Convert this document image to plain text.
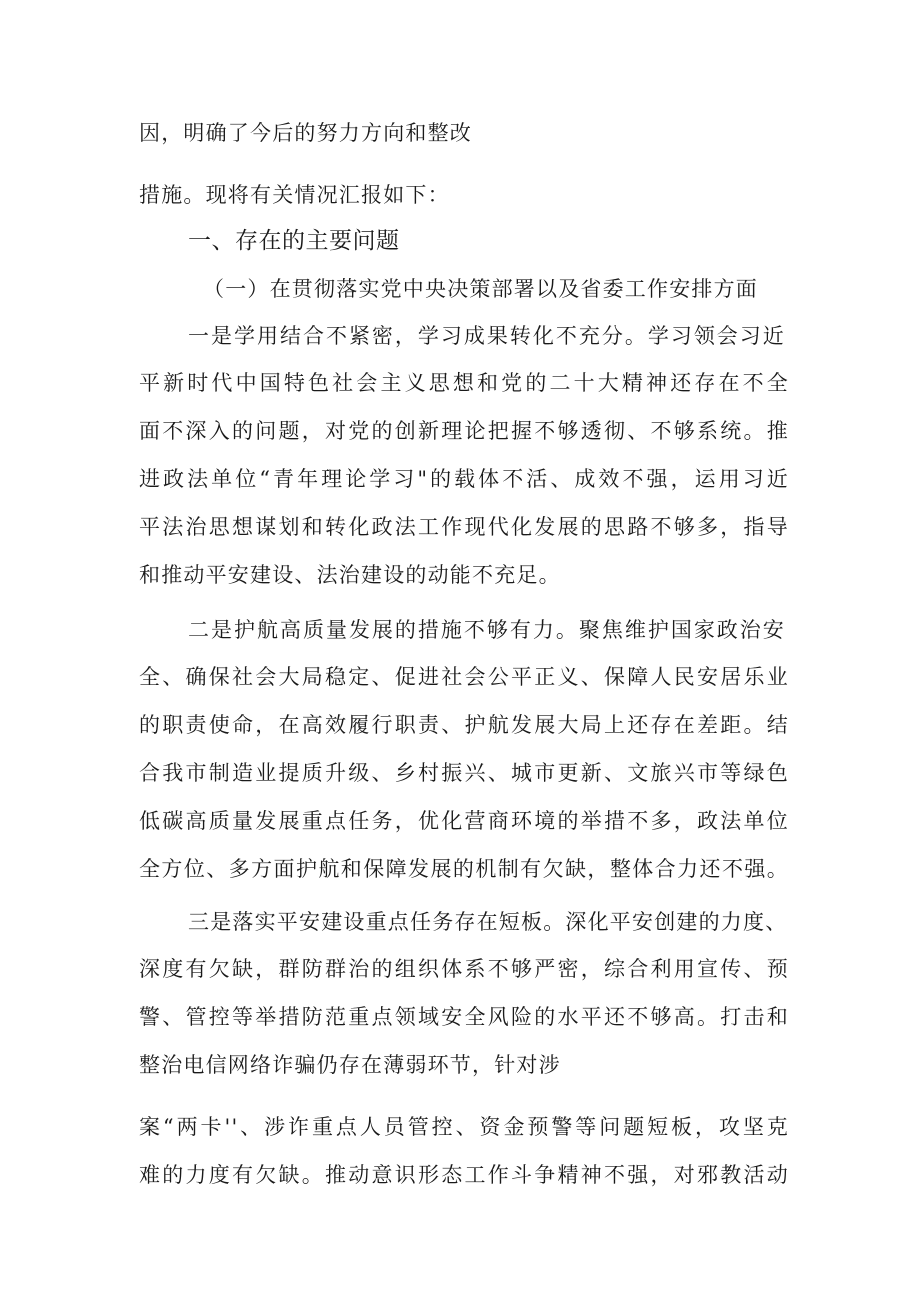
因，明确了今后的努力方向和整改
措施。现将有关情况汇报如下：
一、存在的主要问题
（一）在贯彻落实党中央决策部署以及省委工作安排方面
一是学用结合不紧密，学习成果转化不充分。学习领会习近
平新时代中国特色社会主义思想和党的二十大精神还存在不全
面不深入的问题，对党的创新理论把握不够透彻、不够系统。推
进政法单位“青年理论学习"的载体不活、成效不强，运用习近
平法治思想谋划和转化政法工作现代化发展的思路不够多，指导
和推动平安建设、法治建设的动能不充足。
二是护航高质量发展的措施不够有力。聚焦维护国家政治安
全、确保社会大局稳定、促进社会公平正义、保障人民安居乐业
的职责使命，在高效履行职责、护航发展大局上还存在差距。结
合我市制造业提质升级、乡村振兴、城市更新、文旅兴市等绿色
低碳高质量发展重点任务，优化营商环境的举措不多，政法单位
全方位、多方面护航和保障发展的机制有欠缺，整体合力还不强。
三是落实平安建设重点任务存在短板。深化平安创建的力度、
深度有欠缺，群防群治的组织体系不够严密，综合利用宣传、预
警、管控等举措防范重点领域安全风险的水平还不够高。打击和
整治电信网络诈骗仍存在薄弱环节，针对涉
案“两卡''、涉诈重点人员管控、资金预警等问题短板，攻坚克
难的力度有欠缺。推动意识形态工作斗争精神不强，对邪教活动
